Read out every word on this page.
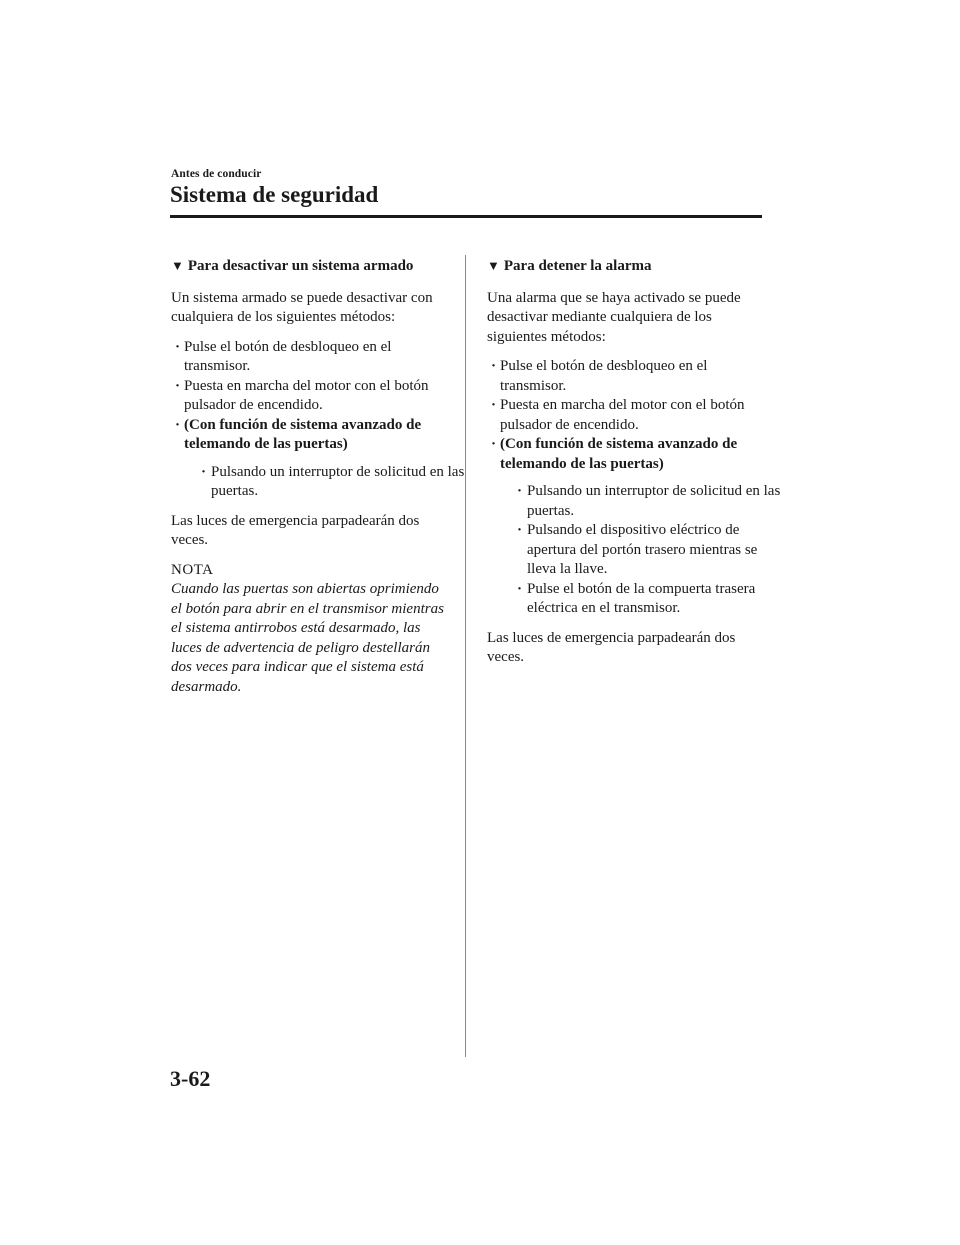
Antes de conducir
Sistema de seguridad
▼ Para desactivar un sistema armado

Un sistema armado se puede desactivar con cualquiera de los siguientes métodos:

· Pulse el botón de desbloqueo en el transmisor.
· Puesta en marcha del motor con el botón pulsador de encendido.
· (Con función de sistema avanzado de telemando de las puertas)
· Pulsando un interruptor de solicitud en las puertas.

Las luces de emergencia parpadearán dos veces.

NOTA

Cuando las puertas son abiertas oprimiendo el botón para abrir en el transmisor mientras el sistema antirrobos está desarmado, las luces de advertencia de peligro destellarán dos veces para indicar que el sistema está desarmado.

▼ Para detener la alarma

Una alarma que se haya activado se puede desactivar mediante cualquiera de los siguientes métodos:

· Pulse el botón de desbloqueo en el transmisor.
· Puesta en marcha del motor con el botón pulsador de encendido.
· (Con función de sistema avanzado de telemando de las puertas)
· Pulsando un interruptor de solicitud en las puertas.
· Pulsando el dispositivo eléctrico de apertura del portón trasero mientras se lleva la llave.
· Pulse el botón de la compuerta trasera eléctrica en el transmisor.

Las luces de emergencia parpadearán dos veces.

3-62
